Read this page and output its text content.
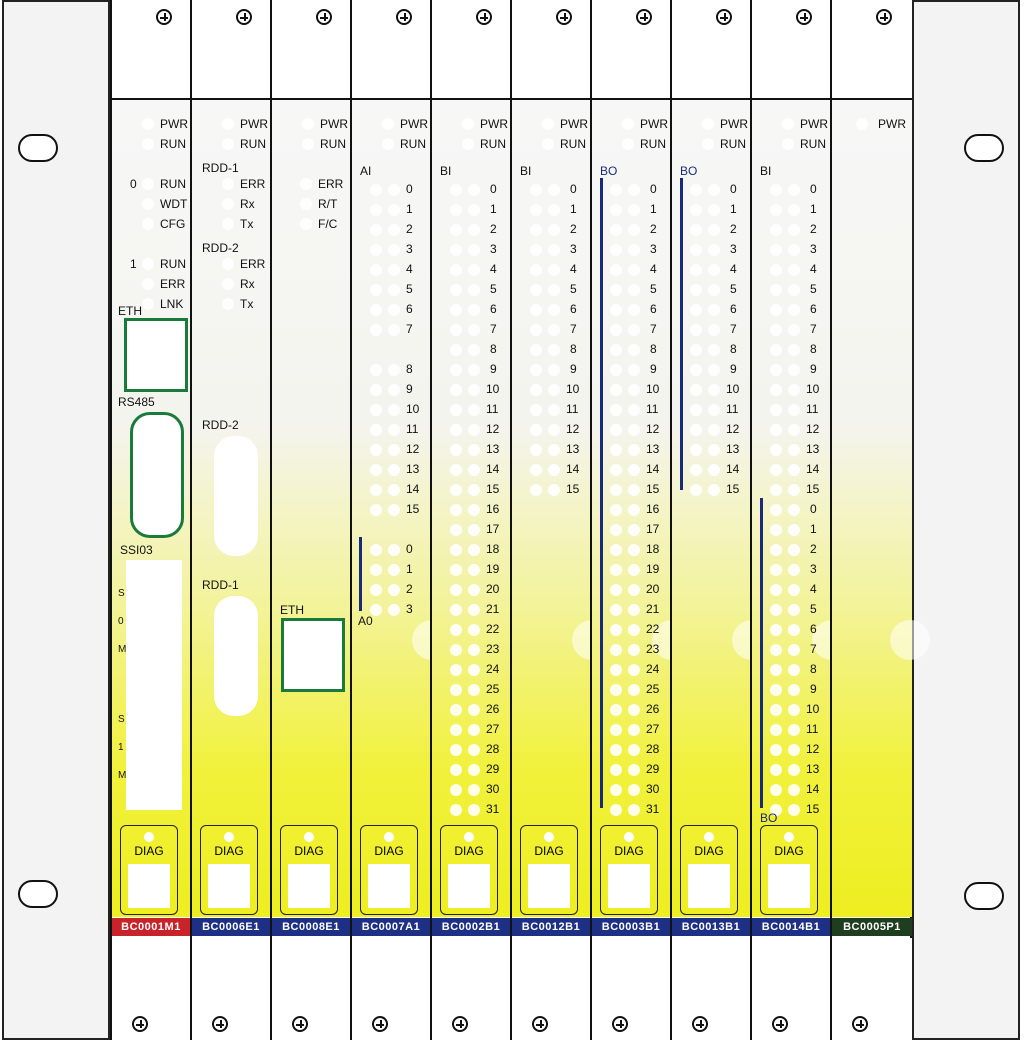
PWR
RUN
DIAG
0 RUN
WDT
CFG
1 RUN
ERR
LNK
ETH
RS485
SSI03
S
0
M
S
1
M
BC0001M1
PWR
RUN
DIAG
RDD-1
ERR
Rx
Tx
RDD-2
ERR
Rx
Tx
RDD-2
RDD-1
BC0006E1
PWR
RUN
DIAG
ERR
R/T
F/C
ETH
BC0008E1
PWR
RUN
DIAG
AI
0
1
2
3
4
5
6
7
8
9
10
11
12
13
14
15
0
1
2
3
A0
BC0007A1
PWR
RUN
DIAG
BI
0
1
2
3
4
5
6
7
8
9
10
11
12
13
14
15
16
17
18
19
20
21
22
23
24
25
26
27
28
29
30
31
BC0002B1
PWR
RUN
DIAG
BI
0
1
2
3
4
5
6
7
8
9
10
11
12
13
14
15
BC0012B1
PWR
RUN
DIAG
BO
0
1
2
3
4
5
6
7
8
9
10
11
12
13
14
15
16
17
18
19
20
21
22
23
24
25
26
27
28
29
30
31
BC0003B1
PWR
RUN
DIAG
BO
0
1
2
3
4
5
6
7
8
9
10
11
12
13
14
15
BC0013B1
PWR
RUN
DIAG
BI
0
1
2
3
4
5
6
7
8
9
10
11
12
13
14
15
0
1
2
3
4
5
6
7
8
9
10
11
12
13
14
15
BO
BC0014B1
PWR
BC0005P1
